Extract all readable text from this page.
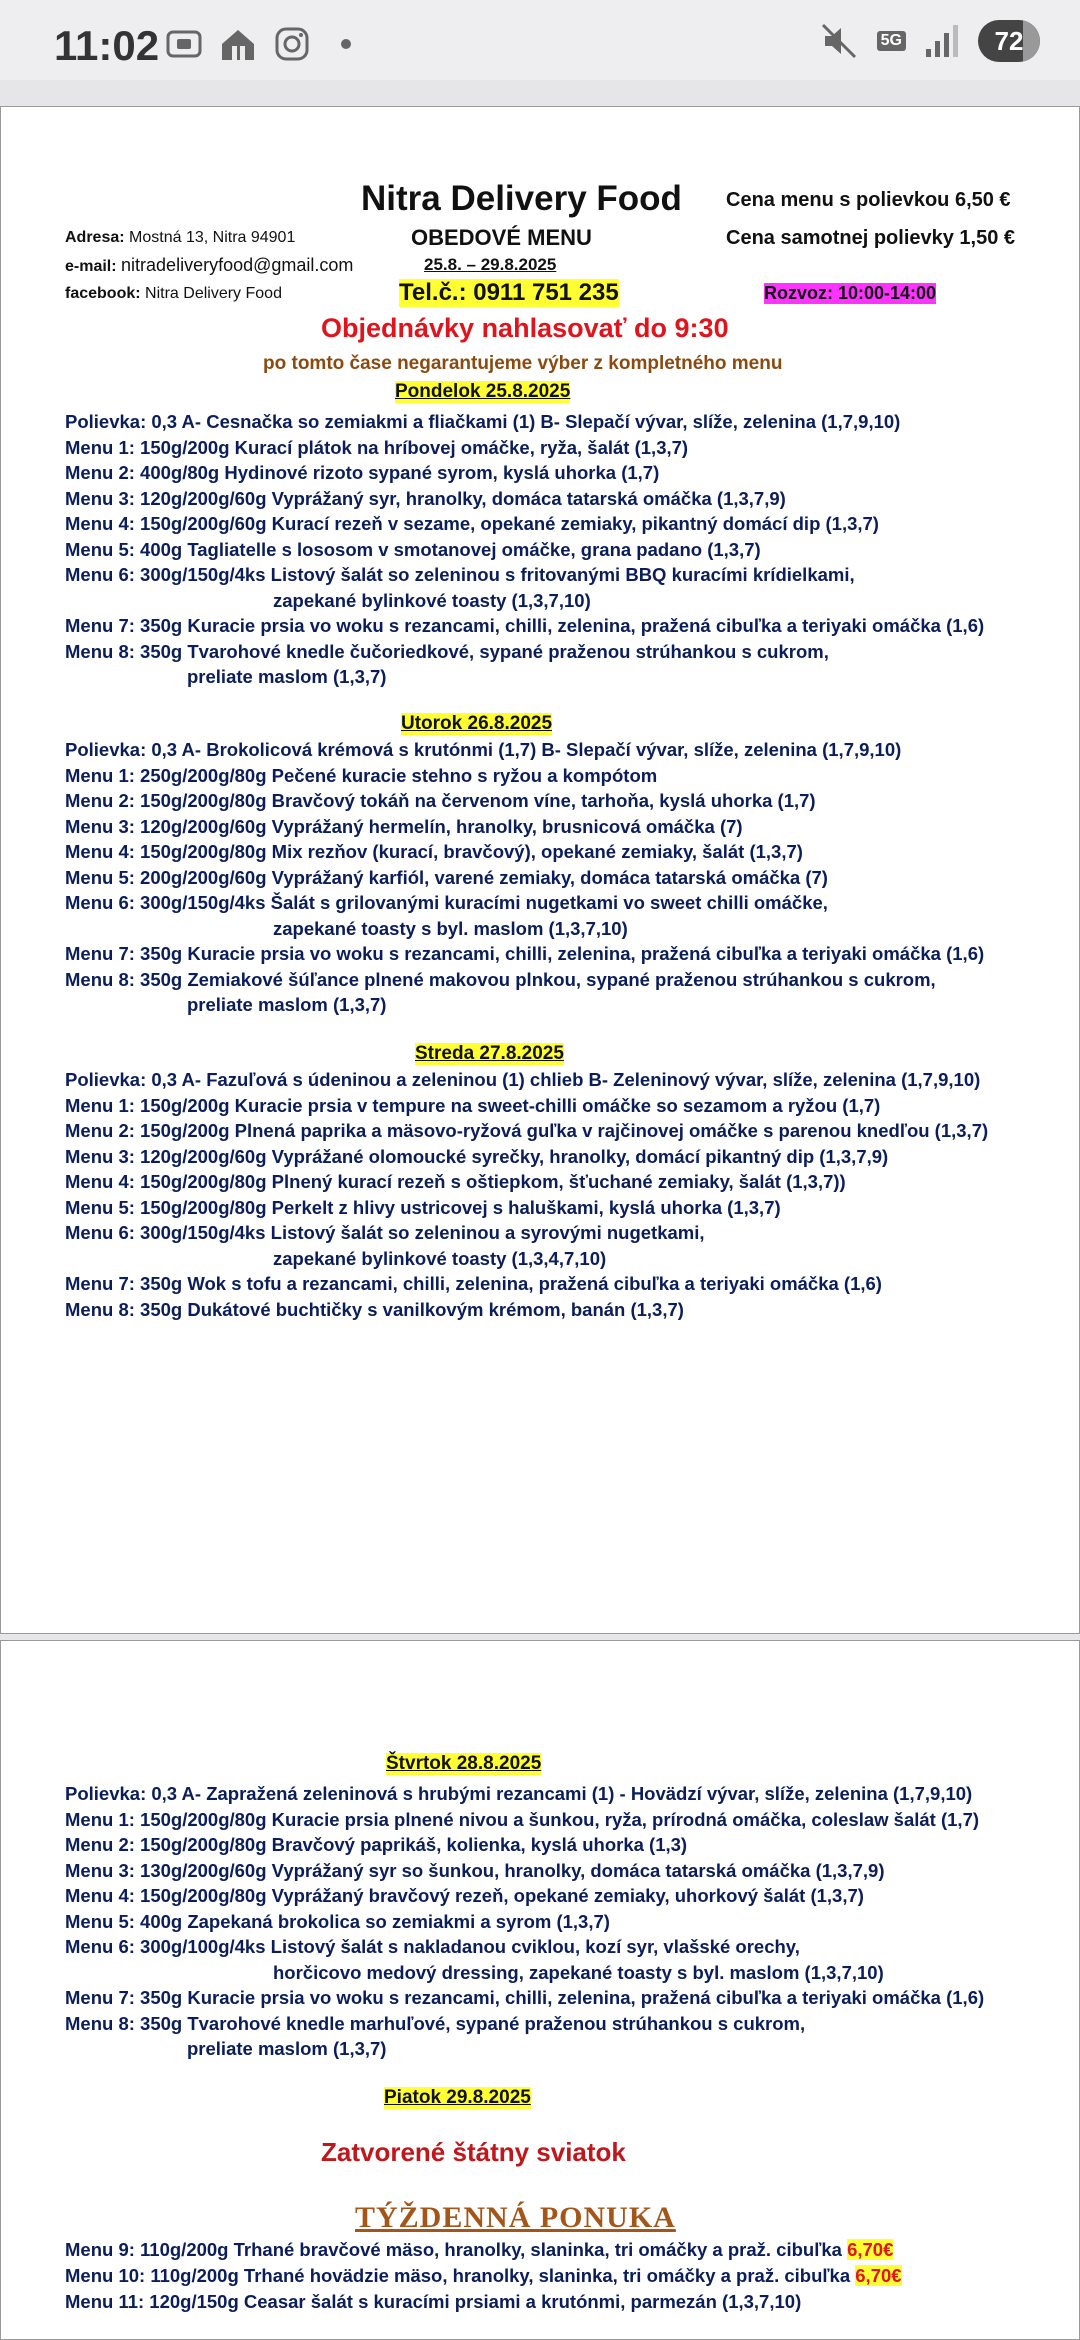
11:02	5G	72
Nitra Delivery Food Cena menu s polievkou 6,50 €
OBEDOVÉ MENU	Cena samotnej polievky 1,50 €
Adresa: Mostná 13, Nitra 94901
25.8. – 29.8.2025
e-mail: nitradeliveryfood@gmail.com
Tel.č.: 0911 751 235	Rozvoz: 10:00-14:00
facebook: Nitra Delivery Food
Objednávky nahlasovať do 9:30
po tomto čase negarantujeme výber z kompletného menu
Pondelok 25.8.2025
Polievka: 0,3 A- Cesnačka so zemiakmi a fliačkami (1) B- Slepačí vývar, slíže, zelenina (1,7,9,10)
Menu 1: 150g/200g Kurací plátok na hríbovej omáčke, ryža, šalát (1,3,7)
Menu 2: 400g/80g Hydinové rizoto sypané syrom, kyslá uhorka (1,7)
Menu 3: 120g/200g/60g Vyprážaný syr, hranolky, domáca tatarská omáčka (1,3,7,9)
Menu 4: 150g/200g/60g Kurací rezeň v sezame, opekané zemiaky, pikantný domácí dip (1,3,7)
Menu 5: 400g Tagliatelle s lososom v smotanovej omáčke, grana padano (1,3,7)
Menu 6: 300g/150g/4ks Listový šalát so zeleninou s fritovanými BBQ kuracími krídielkami,
zapekané bylinkové toasty (1,3,7,10)
Menu 7: 350g Kuracie prsia vo woku s rezancami, chilli, zelenina, pražená cibuľka a teriyaki omáčka (1,6)
Menu 8: 350g Tvarohové knedle čučoriedkové, sypané praženou strúhankou s cukrom,
preliate maslom (1,3,7)
Utorok 26.8.2025
Polievka: 0,3 A- Brokolicová krémová s krutónmi (1,7) B- Slepačí vývar, slíže, zelenina (1,7,9,10)
Menu 1: 250g/200g/80g Pečené kuracie stehno s ryžou a kompótom
Menu 2: 150g/200g/80g Bravčový tokáň na červenom víne, tarhoňa, kyslá uhorka (1,7)
Menu 3: 120g/200g/60g Vyprážaný hermelín, hranolky, brusnicová omáčka (7)
Menu 4: 150g/200g/80g Mix rezňov (kurací, bravčový), opekané zemiaky, šalát (1,3,7)
Menu 5: 200g/200g/60g Vyprážaný karfiól, varené zemiaky, domáca tatarská omáčka (7)
Menu 6: 300g/150g/4ks Šalát s grilovanými kuracími nugetkami vo sweet chilli omáčke,
zapekané toasty s byl. maslom (1,3,7,10)
Menu 7: 350g Kuracie prsia vo woku s rezancami, chilli, zelenina, pražená cibuľka a teriyaki omáčka (1,6)
Menu 8: 350g Zemiakové šúľance plnené makovou plnkou, sypané praženou strúhankou s cukrom,
preliate maslom (1,3,7)
Streda 27.8.2025
Polievka: 0,3 A- Fazuľová s údeninou a zeleninou (1) chlieb B- Zeleninový vývar, slíže, zelenina (1,7,9,10)
Menu 1: 150g/200g Kuracie prsia v tempure na sweet-chilli omáčke so sezamom a ryžou (1,7)
Menu 2: 150g/200g Plnená paprika a mäsovo-ryžová guľka v rajčinovej omáčke s parenou knedľou (1,3,7)
Menu 3: 120g/200g/60g Vyprážané olomoucké syrečky, hranolky, domácí pikantný dip (1,3,7,9)
Menu 4: 150g/200g/80g Plnený kurací rezeň s oštiepkom, šťuchané zemiaky, šalát (1,3,7))
Menu 5: 150g/200g/80g Perkelt z hlivy ustricovej s haluškami, kyslá uhorka (1,3,7)
Menu 6: 300g/150g/4ks Listový šalát so zeleninou a syrovými nugetkami,
zapekané bylinkové toasty (1,3,4,7,10)
Menu 7: 350g Wok s tofu a rezancami, chilli, zelenina, pražená cibuľka a teriyaki omáčka (1,6)
Menu 8: 350g Dukátové buchtičky s vanilkovým krémom, banán (1,3,7)
Štvrtok 28.8.2025
Polievka: 0,3 A- Zapražená zeleninová s hrubými rezancami (1) - Hovädzí vývar, slíže, zelenina (1,7,9,10)
Menu 1: 150g/200g/80g Kuracie prsia plnené nivou a šunkou, ryža, prírodná omáčka, coleslaw šalát (1,7)
Menu 2: 150g/200g/80g Bravčový paprikáš, kolienka, kyslá uhorka (1,3)
Menu 3: 130g/200g/60g Vyprážaný syr so šunkou, hranolky, domáca tatarská omáčka (1,3,7,9)
Menu 4: 150g/200g/80g Vyprážaný bravčový rezeň, opekané zemiaky, uhorkový šalát (1,3,7)
Menu 5: 400g Zapekaná brokolica so zemiakmi a syrom (1,3,7)
Menu 6: 300g/100g/4ks Listový šalát s nakladanou cviklou, kozí syr, vlašské orechy,
horčicovo medový dressing, zapekané toasty s byl. maslom (1,3,7,10)
Menu 7: 350g Kuracie prsia vo woku s rezancami, chilli, zelenina, pražená cibuľka a teriyaki omáčka (1,6)
Menu 8: 350g Tvarohové knedle marhuľové, sypané praženou strúhankou s cukrom,
preliate maslom (1,3,7)
Piatok 29.8.2025
Zatvorené štátny sviatok
TÝŽDENNÁ PONUKA
Menu 9: 110g/200g Trhané bravčové mäso, hranolky, slaninka, tri omáčky a praž. cibuľka 6,70€
Menu 10: 110g/200g Trhané hovädzie mäso, hranolky, slaninka, tri omáčky a praž. cibuľka 6,70€
Menu 11: 120g/150g Ceasar šalát s kuracími prsiami a krutónmi, parmezán (1,3,7,10)
